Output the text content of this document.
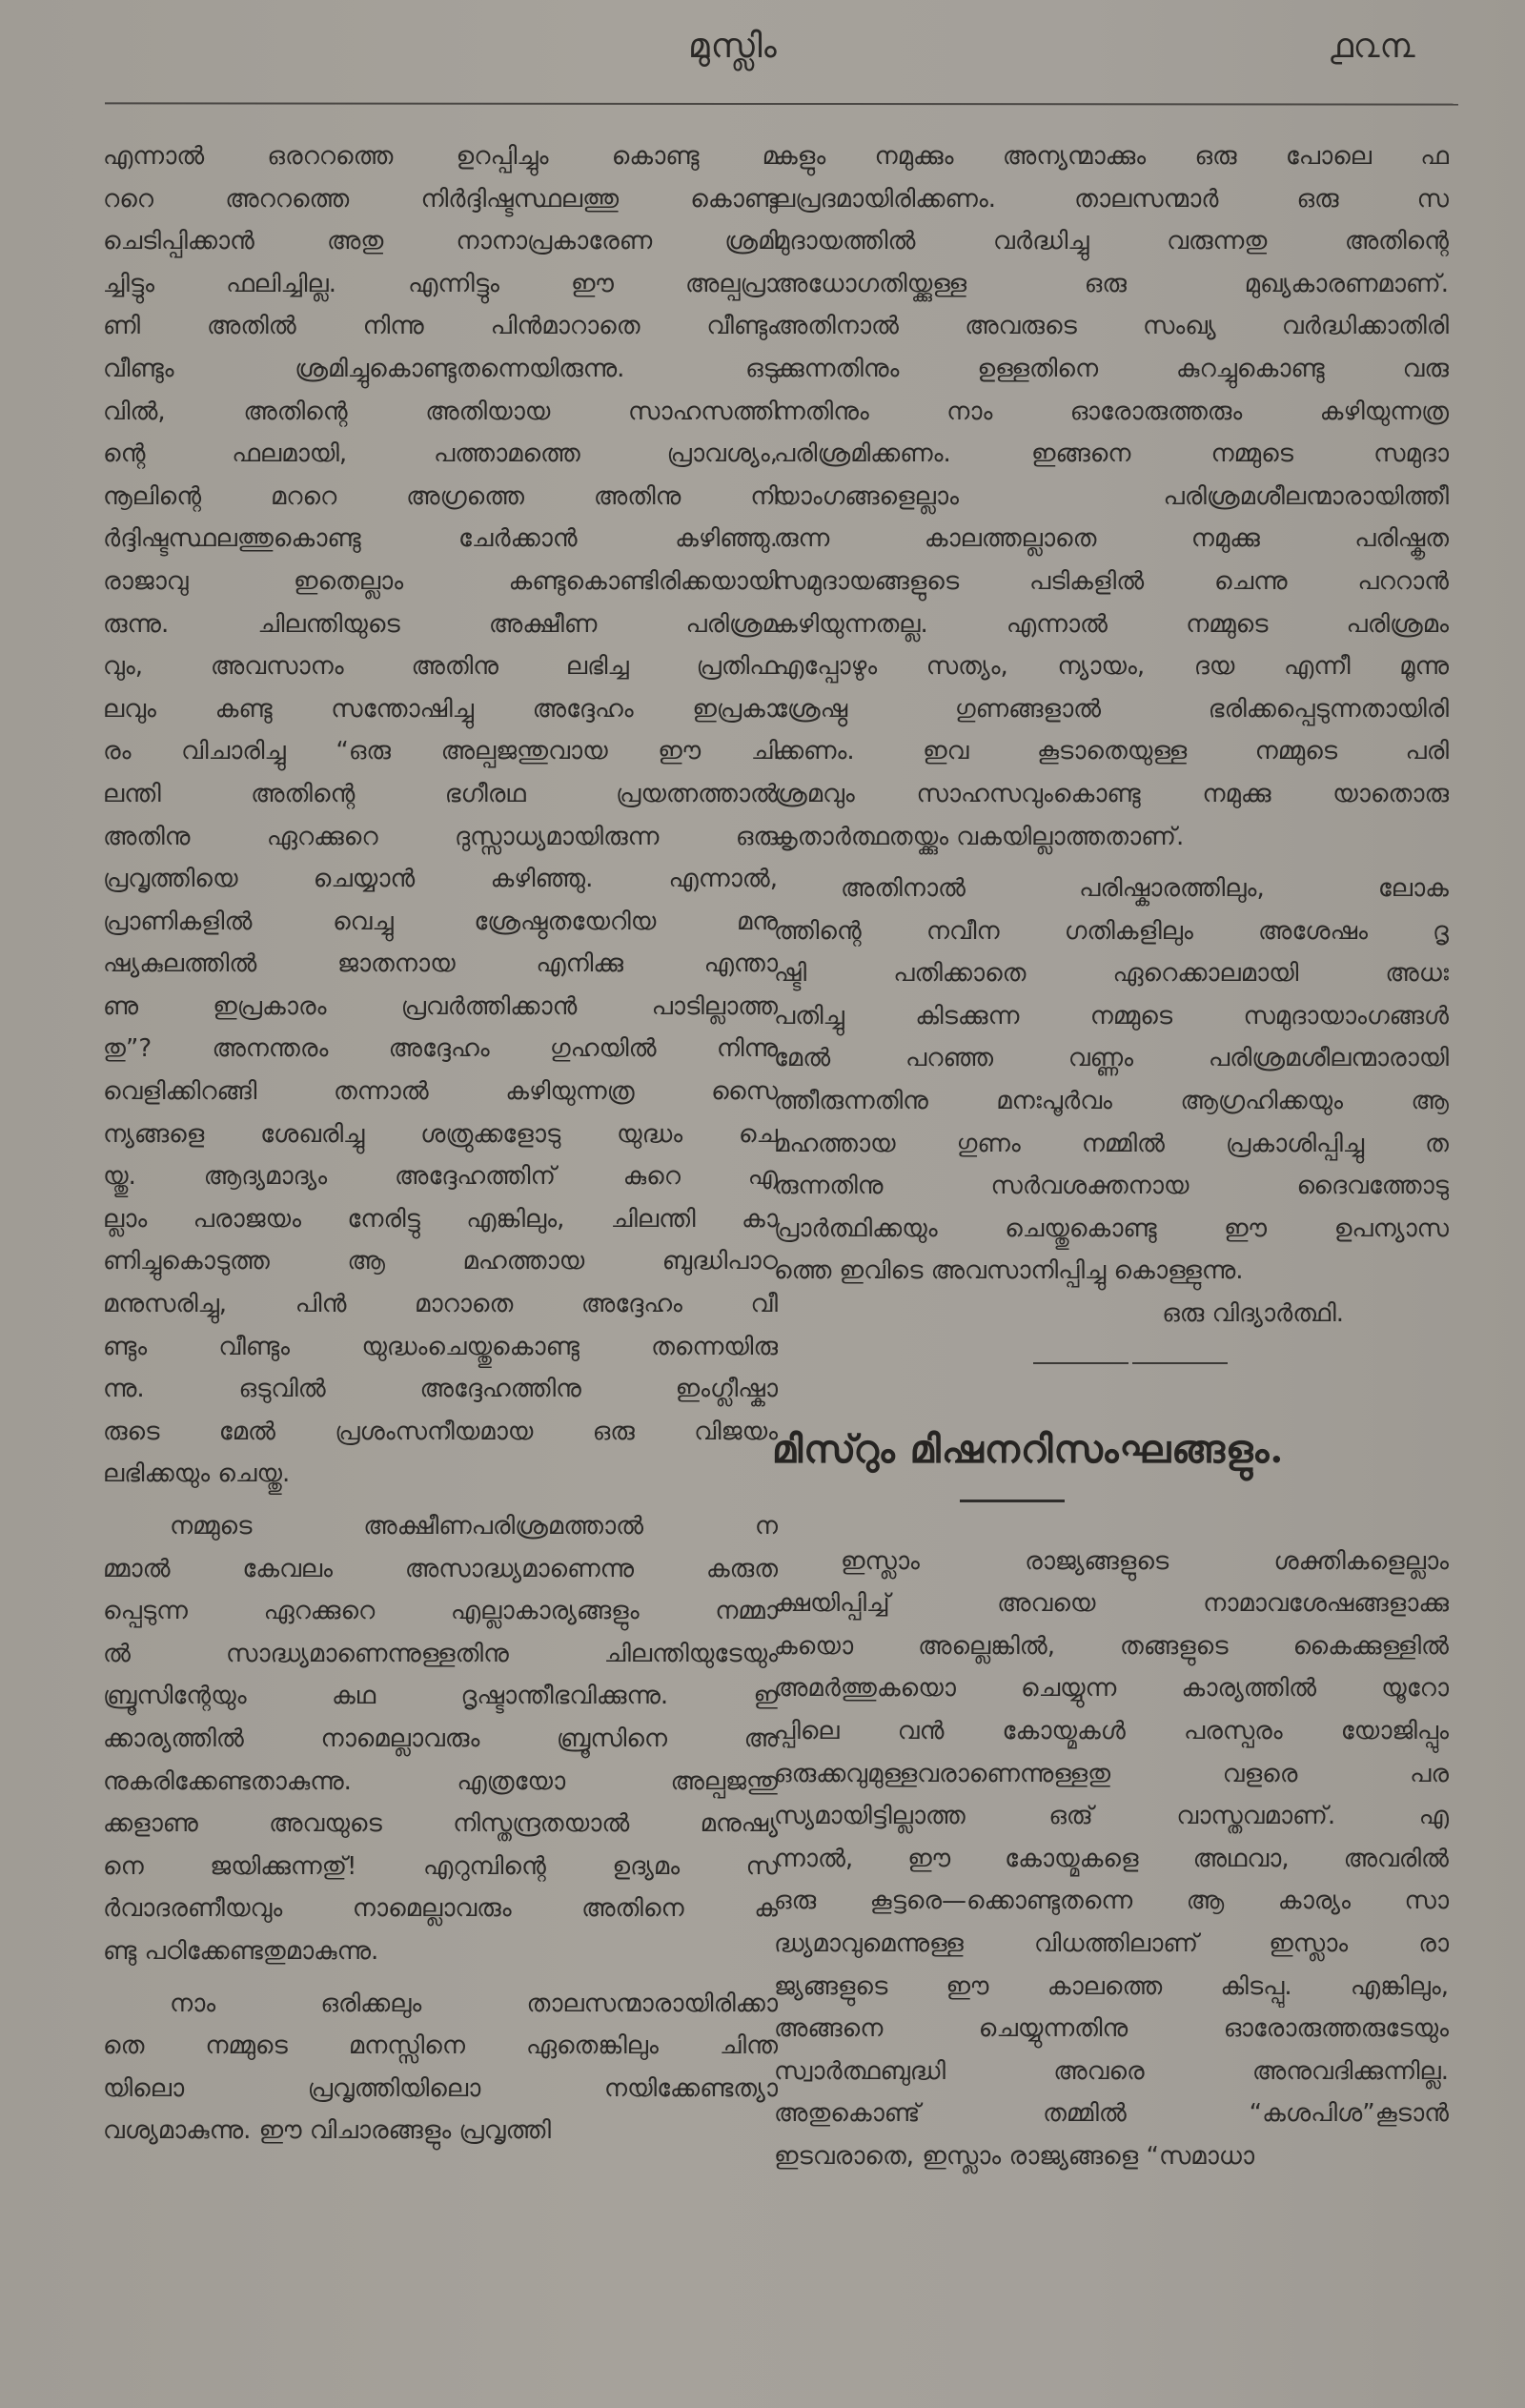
മുസ്ലിം	൧൨൩
എന്നാൽ ഒരററത്തെ ഉറപ്പിച്ചും കൊണ്ടു മ
ററെ അററത്തെ നിർദ്ദിഷ്ടസ്ഥലത്തു കൊണ്ടു
ചെടിപ്പിക്കാൻ അതു നാനാപ്രകാരേണ ശ്രമി
ച്ചിട്ടും ഫലിച്ചില്ല. എന്നിട്ടും ഈ അല്പപ്രാ
ണി അതിൽ നിന്നു പിൻമാറാതെ വീണ്ടും
വീണ്ടും ശ്രമിച്ചുകൊണ്ടുതന്നെയിരുന്നു. ഒടു
വിൽ, അതിന്റെ അതിയായ സാഹസത്തി
ന്റെ ഫലമായി, പത്താമത്തെ പ്രാവശ്യം,
നൂലിന്റെ മററെ അഗ്രത്തെ അതിനു നി
ർദ്ദിഷ്ടസ്ഥലത്തുകൊണ്ടു ചേർക്കാൻ കഴിഞ്ഞു.
രാജാവു ഇതെല്ലാം കണ്ടുകൊണ്ടിരിക്കയായി
രുന്നു. ചിലന്തിയുടെ അക്ഷീണ പരിശ്രമ
വും, അവസാനം അതിനു ലഭിച്ച പ്രതിഫ
ലവും കണ്ടു സന്തോഷിച്ചു അദ്ദേഹം ഇപ്രകാ
രം വിചാരിച്ചു “ഒരു അല്പജന്തുവായ ഈ ചി
ലന്തി അതിന്റെ ഭഗീരഥ പ്രയത്നത്താൽ
അതിനു ഏറക്കുറെ ദുസ്സാധ്യമായിരുന്ന ഒരു
പ്രവൃത്തിയെ ചെയ്യാൻ കഴിഞ്ഞു. എന്നാൽ,
പ്രാണികളിൽ വെച്ചു ശ്രേഷ്ഠതയേറിയ മനു
ഷ്യകുലത്തിൽ ജാതനായ എനിക്കു എന്താ
ണു ഇപ്രകാരം പ്രവർത്തിക്കാൻ പാടില്ലാത്ത
തു”? അനന്തരം അദ്ദേഹം ഗുഹയിൽ നിന്നു
വെളിക്കിറങ്ങി തന്നാൽ കഴിയുന്നത്ര സൈ
ന്യങ്ങളെ ശേഖരിച്ചു ശത്രുക്കളോടു യുദ്ധം ചെ
യ്തു. ആദ്യമാദ്യം അദ്ദേഹത്തിന് കുറെ എ
ല്ലാം പരാജയം നേരിട്ടു എങ്കിലും, ചിലന്തി കാ
ണിച്ചുകൊടുത്ത ആ മഹത്തായ ബുദ്ധിപാഠ
മനുസരിച്ചു, പിൻ മാറാതെ അദ്ദേഹം വീ
ണ്ടും വീണ്ടും യുദ്ധംചെയ്തുകൊണ്ടു തന്നെയിരു
ന്നു. ഒടുവിൽ അദ്ദേഹത്തിനു ഇംഗ്ലീഷ്കാ
രുടെ മേൽ പ്രശംസനീയമായ ഒരു വിജയം
ലഭിക്കയും ചെയ്തു.
നമ്മുടെ അക്ഷീണപരിശ്രമത്താൽ ന
മ്മാൽ കേവലം അസാദ്ധ്യമാണെന്നു കരുത
പ്പെടുന്ന ഏറക്കുറെ എല്ലാകാര്യങ്ങളും നമ്മാ
ൽ സാദ്ധ്യമാണെന്നുള്ളതിനു ചിലന്തിയുടേയും
ബ്രൂസിന്റേയും കഥ ദൃഷ്ടാന്തീഭവിക്കുന്നു. ഇ
ക്കാര്യത്തിൽ നാമെല്ലാവരും ബ്രൂസിനെ അ
നുകരിക്കേണ്ടതാകുന്നു. എത്രയോ അല്പജന്തു
ക്കളാണു അവയുടെ നിസ്തന്ദ്രതയാൽ മനുഷ്യ
നെ ജയിക്കുന്നതു്! എറുമ്പിന്റെ ഉദ്യമം സ
ർവാദരണീയവും നാമെല്ലാവരും അതിനെ ക
ണ്ടു പഠിക്കേണ്ടതുമാകുന്നു.
നാം ഒരിക്കലും താലസന്മാരായിരിക്കാ
തെ നമ്മുടെ മനസ്സിനെ ഏതെങ്കിലും ചിന്ത
യിലൊ പ്രവൃത്തിയിലൊ നയിക്കേണ്ടത്യാ
വശ്യമാകുന്നു. ഈ വിചാരങ്ങളും പ്രവൃത്തി
കളും നമുക്കും അന്യന്മാക്കും ഒരു പോലെ ഫ
ലപ്രദമായിരിക്കണം. താലസന്മാർ ഒരു സ
മുദായത്തിൽ വർദ്ധിച്ചു വരുന്നതു അതിന്റെ
അധോഗതിയ്ക്കുള്ള ഒരു മുഖ്യകാരണമാണ്.
അതിനാൽ അവരുടെ സംഖ്യ വർദ്ധിക്കാതിരി
ക്കുന്നതിനും ഉള്ളതിനെ കുറച്ചുകൊണ്ടു വരു
ന്നതിനും നാം ഓരോരുത്തരും കഴിയുന്നത്ര
പരിശ്രമിക്കണം. ഇങ്ങനെ നമ്മുടെ സമുദാ
യാംഗങ്ങളെല്ലാം പരിശ്രമശീലന്മാരായിത്തീ
രുന്ന കാലത്തല്ലാതെ നമുക്കു പരിഷ്കൃത
സമുദായങ്ങളുടെ പടികളിൽ ചെന്നു പററാൻ
കഴിയുന്നതല്ല. എന്നാൽ നമ്മുടെ പരിശ്രമം
എപ്പോഴും സത്യം, ന്യായം, ദയ എന്നീ മൂന്നു
ശ്രേഷ്ഠ ഗുണങ്ങളാൽ ഭരിക്കപ്പെടുന്നതായിരി
ക്കണം. ഇവ കൂടാതെയുള്ള നമ്മുടെ പരി
ശ്രമവും സാഹസവുംകൊണ്ടു നമുക്കു യാതൊരു
കൃതാർത്ഥതയ്ക്കും വകയില്ലാത്തതാണ്.
അതിനാൽ പരിഷ്കാരത്തിലും, ലോക
ത്തിന്റെ നവീന ഗതികളിലും അശേഷം ദൃ
ഷ്ടി പതിക്കാതെ ഏറെക്കാലമായി അധഃ
പതിച്ചു കിടക്കുന്ന നമ്മുടെ സമുദായാംഗങ്ങൾ
മേൽ പറഞ്ഞ വണ്ണം പരിശ്രമശീലന്മാരായി
ത്തീരുന്നതിനു മനഃപൂർവം ആഗ്രഹിക്കയും ആ
മഹത്തായ ഗുണം നമ്മിൽ പ്രകാശിപ്പിച്ചു ത
രുന്നതിനു സർവശക്തനായ ദൈവത്തോടു
പ്രാർത്ഥിക്കയും ചെയ്തുകൊണ്ടു ഈ ഉപന്യാസ
ത്തെ ഇവിടെ അവസാനിപ്പിച്ചു കൊള്ളുന്നു.
ഒരു വിദ്യാർത്ഥി.
മിസ്റും മിഷനറിസംഘങ്ങളും.
ഇസ്ലാം രാജ്യങ്ങളുടെ ശക്തികളെല്ലാം
ക്ഷയിപ്പിച്ച് അവയെ നാമാവശേഷങ്ങളാക്കു
കയൊ അല്ലെങ്കിൽ, തങ്ങളുടെ കൈക്കുള്ളിൽ
അമർത്തുകയൊ ചെയ്യുന്ന കാര്യത്തിൽ യൂറോ
പ്പിലെ വൻ കോയ്മകൾ പരസ്പരം യോജിപ്പും
ഒരുക്കവുമുള്ളവരാണെന്നുള്ളതു വളരെ പര
സ്യമായിട്ടില്ലാത്ത ഒരു് വാസ്തവമാണ്. എ
ന്നാൽ, ഈ കോയ്മകളെ അഥവാ, അവരിൽ
ഒരു കൂട്ടരെ—ക്കൊണ്ടുതന്നെ ആ കാര്യം സാ
ദ്ധ്യമാവുമെന്നുള്ള വിധത്തിലാണ് ഇസ്ലാം രാ
ജ്യങ്ങളുടെ ഈ കാലത്തെ കിടപ്പു. എങ്കിലും,
അങ്ങനെ ചെയ്യുന്നതിനു ഓരോരുത്തരുടേയും
സ്വാർത്ഥബുദ്ധി അവരെ അനുവദിക്കുന്നില്ല.
അതുകൊണ്ട് തമ്മിൽ “കശപിശ”കൂടാൻ
ഇടവരാതെ, ഇസ്ലാം രാജ്യങ്ങളെ “സമാധാ
